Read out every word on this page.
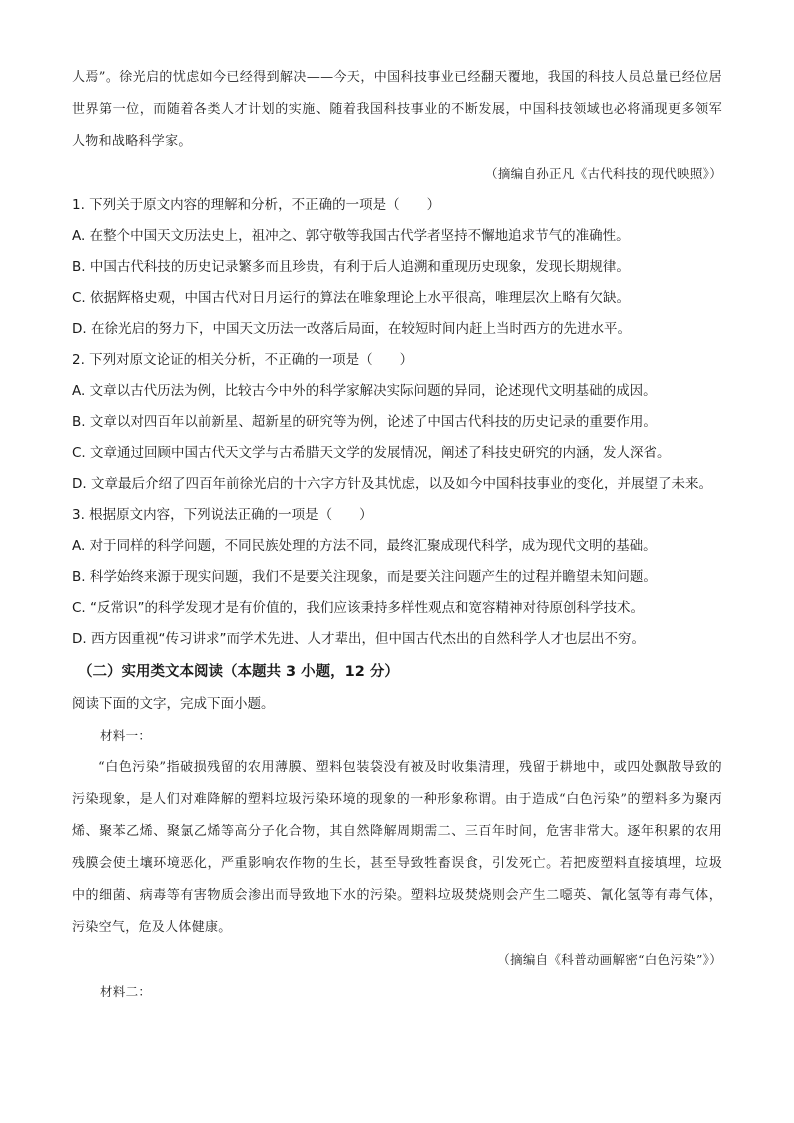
人焉”。徐光启的忧虑如今已经得到解决——今天，中国科技事业已经翻天覆地，我国的科技人员总量已经位居世界第一位，而随着各类人才计划的实施、随着我国科技事业的不断发展，中国科技领域也必将涌现更多领军人物和战略科学家。

（摘编自孙正凡《古代科技的现代映照》）

1. 下列关于原文内容的理解和分析，不正确的一项是（　　）

A. 在整个中国天文历法史上，祖冲之、郭守敬等我国古代学者坚持不懈地追求节气的准确性。

B. 中国古代科技的历史记录繁多而且珍贵，有利于后人追溯和重现历史现象，发现长期规律。

C. 依据辉格史观，中国古代对日月运行的算法在唯象理论上水平很高，唯理层次上略有欠缺。

D. 在徐光启的努力下，中国天文历法一改落后局面，在较短时间内赶上当时西方的先进水平。

2. 下列对原文论证的相关分析，不正确的一项是（　　）

A. 文章以古代历法为例，比较古今中外的科学家解决实际问题的异同，论述现代文明基础的成因。

B. 文章以对四百年以前新星、超新星的研究等为例，论述了中国古代科技的历史记录的重要作用。

C. 文章通过回顾中国古代天文学与古希腊天文学的发展情况，阐述了科技史研究的内涵，发人深省。

D. 文章最后介绍了四百年前徐光启的十六字方针及其忧虑，以及如今中国科技事业的变化，并展望了未来。

3. 根据原文内容，下列说法正确的一项是（　　）

A. 对于同样的科学问题，不同民族处理的方法不同，最终汇聚成现代科学，成为现代文明的基础。

B. 科学始终来源于现实问题，我们不是要关注现象，而是要关注问题产生的过程并瞻望未知问题。

C. “反常识”的科学发现才是有价值的，我们应该秉持多样性观点和宽容精神对待原创科学技术。

D. 西方因重视“传习讲求”而学术先进、人才辈出，但中国古代杰出的自然科学人才也层出不穷。

（二）实用类文本阅读（本题共 3 小题，12 分）

阅读下面的文字，完成下面小题。

材料一：

“白色污染”指破损残留的农用薄膜、塑料包装袋没有被及时收集清理，残留于耕地中，或四处飘散导致的污染现象，是人们对难降解的塑料垃圾污染环境的现象的一种形象称谓。由于造成“白色污染”的塑料多为聚丙烯、聚苯乙烯、聚氯乙烯等高分子化合物，其自然降解周期需二、三百年时间，危害非常大。逐年积累的农用残膜会使土壤环境恶化，严重影响农作物的生长，甚至导致牲畜误食，引发死亡。若把废塑料直接填埋，垃圾中的细菌、病毒等有害物质会渗出而导致地下水的污染。塑料垃圾焚烧则会产生二噁英、氰化氢等有毒气体，污染空气，危及人体健康。

（摘编自《科普动画解密“白色污染”》）

材料二：
